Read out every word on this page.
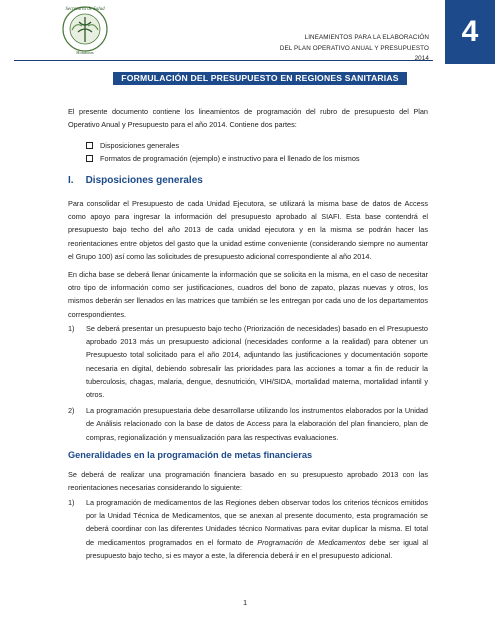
Secretaría de Salud
Honduras
LINEAMIENTOS PARA LA ELABORACIÓN
DEL PLAN OPERATIVO ANUAL Y PRESUPUESTO
2014
4
FORMULACIÓN DEL PRESUPUESTO EN REGIONES SANITARIAS
El presente documento contiene los lineamientos de programación del rubro de presupuesto del Plan Operativo Anual y Presupuesto para el año 2014. Contiene dos partes:
Disposiciones generales
Formatos de programación (ejemplo) e instructivo para el llenado de los mismos
I. Disposiciones generales
Para consolidar el Presupuesto de cada Unidad Ejecutora, se utilizará la misma base de datos de Access como apoyo para ingresar la información del presupuesto aprobado al SIAFI. Esta base contendrá el presupuesto bajo techo del año 2013 de cada unidad ejecutora y en la misma se podrán hacer las reorientaciones entre objetos del gasto que la unidad estime conveniente (considerando siempre no aumentar el Grupo 100) así como las solicitudes de presupuesto adicional correspondiente al año 2014.
En dicha base se deberá llenar únicamente la información que se solicita en la misma, en el caso de necesitar otro tipo de información como ser justificaciones, cuadros del bono de zapato, plazas nuevas y otros, los mismos deberán ser llenados en las matrices que también se les entregan por cada uno de los departamentos correspondientes.
1)	Se deberá presentar un presupuesto bajo techo (Priorización de necesidades) basado en el Presupuesto aprobado 2013 más un presupuesto adicional (necesidades conforme a la realidad) para obtener un Presupuesto total solicitado para el año 2014, adjuntando las justificaciones y documentación soporte necesaria en digital, debiendo sobresalir las prioridades para las acciones a tomar a fin de reducir la tuberculosis, chagas, malaria, dengue, desnutrición, VIH/SIDA, mortalidad materna, mortalidad infantil y otros.
2)	La programación presupuestaria debe desarrollarse utilizando los instrumentos elaborados por la Unidad de Análisis relacionado con la base de datos de Access para la elaboración del plan financiero, plan de compras, regionalización y mensualización para las respectivas evaluaciones.
Generalidades en la programación de metas financieras
Se deberá de realizar una programación financiera basado en su presupuesto aprobado 2013 con las reorientaciones necesarias considerando lo siguiente:
1)	La programación de medicamentos de las Regiones deben observar todos los criterios técnicos emitidos por la Unidad Técnica de Medicamentos, que se anexan al presente documento, esta programación se deberá coordinar con las diferentes Unidades técnico Normativas para evitar duplicar la misma. El total de medicamentos programados en el formato de Programación de Medicamentos debe ser igual al presupuesto bajo techo, si es mayor a este, la diferencia deberá ir en el presupuesto adicional.
1
